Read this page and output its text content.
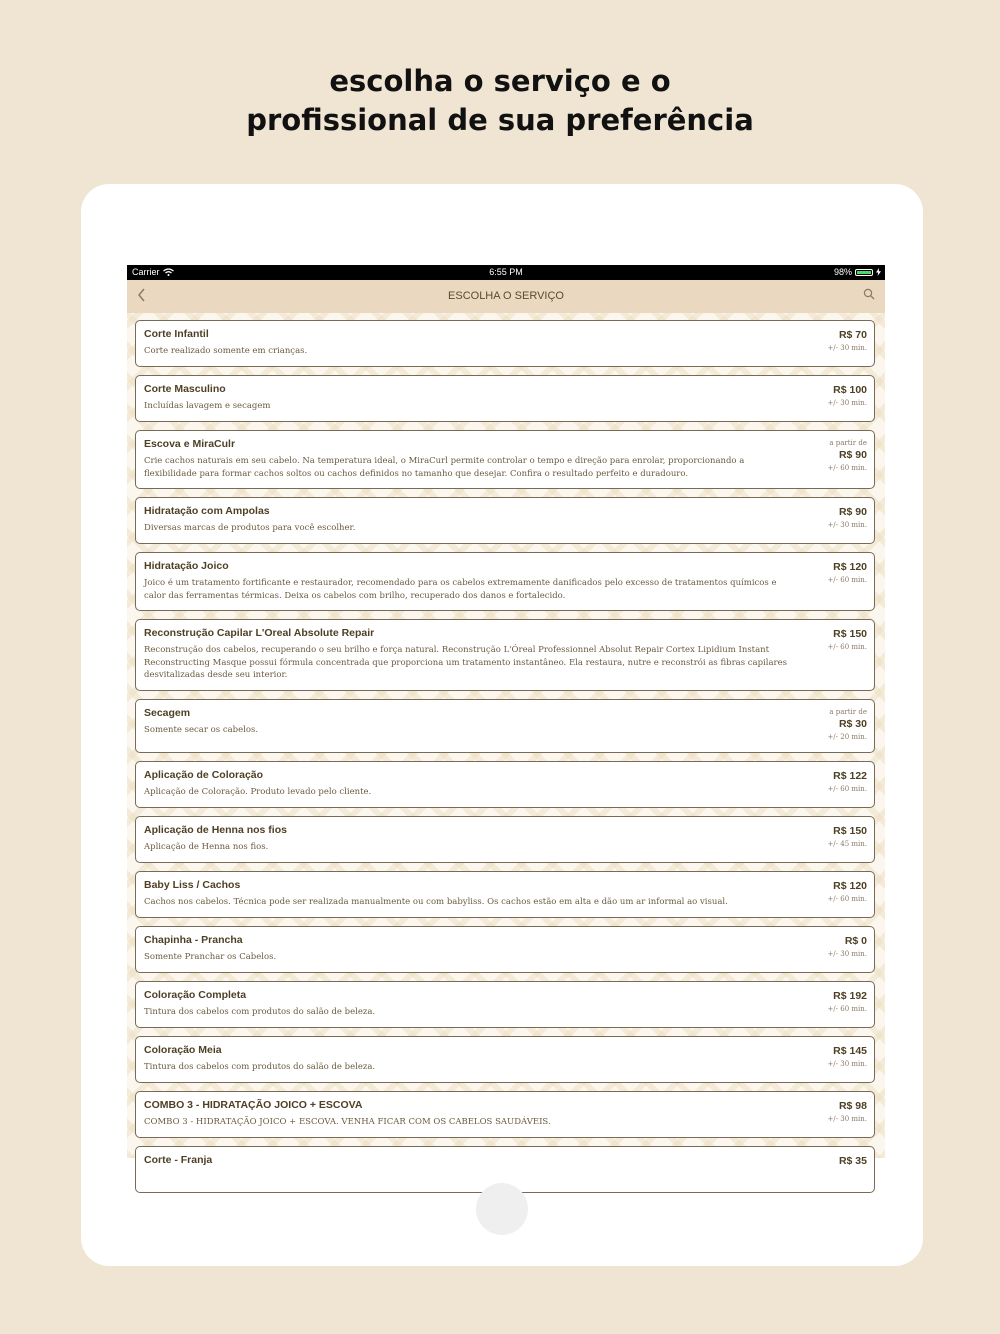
escolha o serviço e o
profissional de sua preferência
Carrier	6:55 PM	98%
ESCOLHA O SERVIÇO
Corte Infantil
Corte realizado somente em crianças.
R$ 70
+/- 30 min.
Corte Masculino
Incluídas lavagem e secagem
R$ 100
+/- 30 min.
Escova e MiraCulr
Crie cachos naturais em seu cabelo. Na temperatura ideal, o MiraCurl permite controlar o tempo e direção para enrolar, proporcionando a flexibilidade para formar cachos soltos ou cachos definidos no tamanho que desejar. Confira o resultado perfeito e duradouro.
a partir de
R$ 90
+/- 60 min.
Hidratação com Ampolas
Diversas marcas de produtos para você escolher.
R$ 90
+/- 30 min.
Hidratação Joico
Joico é um tratamento fortificante e restaurador, recomendado para os cabelos extremamente danificados pelo excesso de tratamentos químicos e calor das ferramentas térmicas. Deixa os cabelos com brilho, recuperado dos danos e fortalecido.
R$ 120
+/- 60 min.
Reconstrução Capilar L'Oreal Absolute Repair
Reconstrução dos cabelos, recuperando o seu brilho e força natural. Reconstrução L'Óreal Professionnel Absolut Repair Cortex Lipidium Instant Reconstructing Masque possui fórmula concentrada que proporciona um tratamento instantâneo. Ela restaura, nutre e reconstrói as fibras capilares desvitalizadas desde seu interior.
R$ 150
+/- 60 min.
Secagem
Somente secar os cabelos.
a partir de
R$ 30
+/- 20 min.
Aplicação de Coloração
Aplicação de Coloração. Produto levado pelo cliente.
R$ 122
+/- 60 min.
Aplicação de Henna nos fios
Aplicação de Henna nos fios.
R$ 150
+/- 45 min.
Baby Liss / Cachos
Cachos nos cabelos. Técnica pode ser realizada manualmente ou com babyliss. Os cachos estão em alta e dão um ar informal ao visual.
R$ 120
+/- 60 min.
Chapinha - Prancha
Somente Pranchar os Cabelos.
R$ 0
+/- 30 min.
Coloração Completa
Tintura dos cabelos com produtos do salão de beleza.
R$ 192
+/- 60 min.
Coloração Meia
Tintura dos cabelos com produtos do salão de beleza.
R$ 145
+/- 30 min.
COMBO 3 - HIDRATAÇÃO JOICO + ESCOVA
COMBO 3 - HIDRATAÇÃO JOICO + ESCOVA. VENHA FICAR COM OS CABELOS SAUDÁVEIS.
R$ 98
+/- 30 min.
Corte - Franja	R$ 35
